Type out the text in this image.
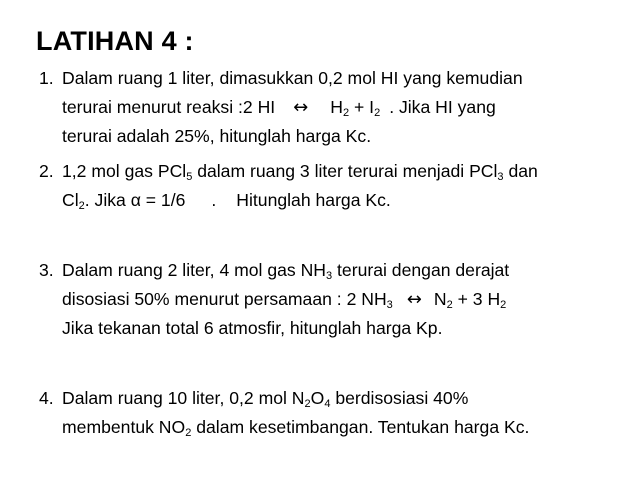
LATIHAN 4 :
1. Dalam ruang 1 liter, dimasukkan 0,2 mol HI yang kemudian
terurai menurut reaksi :2 HI ↔ $H_2 + I_2$ . Jika HI yang
terurai adalah 25%, hitunglah harga Kc.
2. 1,2 mol gas PCl$_5$ dalam ruang 3 liter terurai menjadi PCl$_3$ dan
$Cl_2$. Jika α = 1/6 . Hitunglah harga Kc.
3. Dalam ruang 2 liter, 4 mol gas $NH_3$ terurai dengan derajat
disosiasi 50% menurut persamaan : 2 $NH_3$ ↔ $N_2 + 3$ $H_2$
Jika tekanan total 6 atmosfir, hitunglah harga Kp.
4. Dalam ruang 10 liter, 0,2 mol $N_2O_4$ berdisosiasi 40%
membentuk $NO_2$ dalam kesetimbangan. Tentukan harga Kc.
